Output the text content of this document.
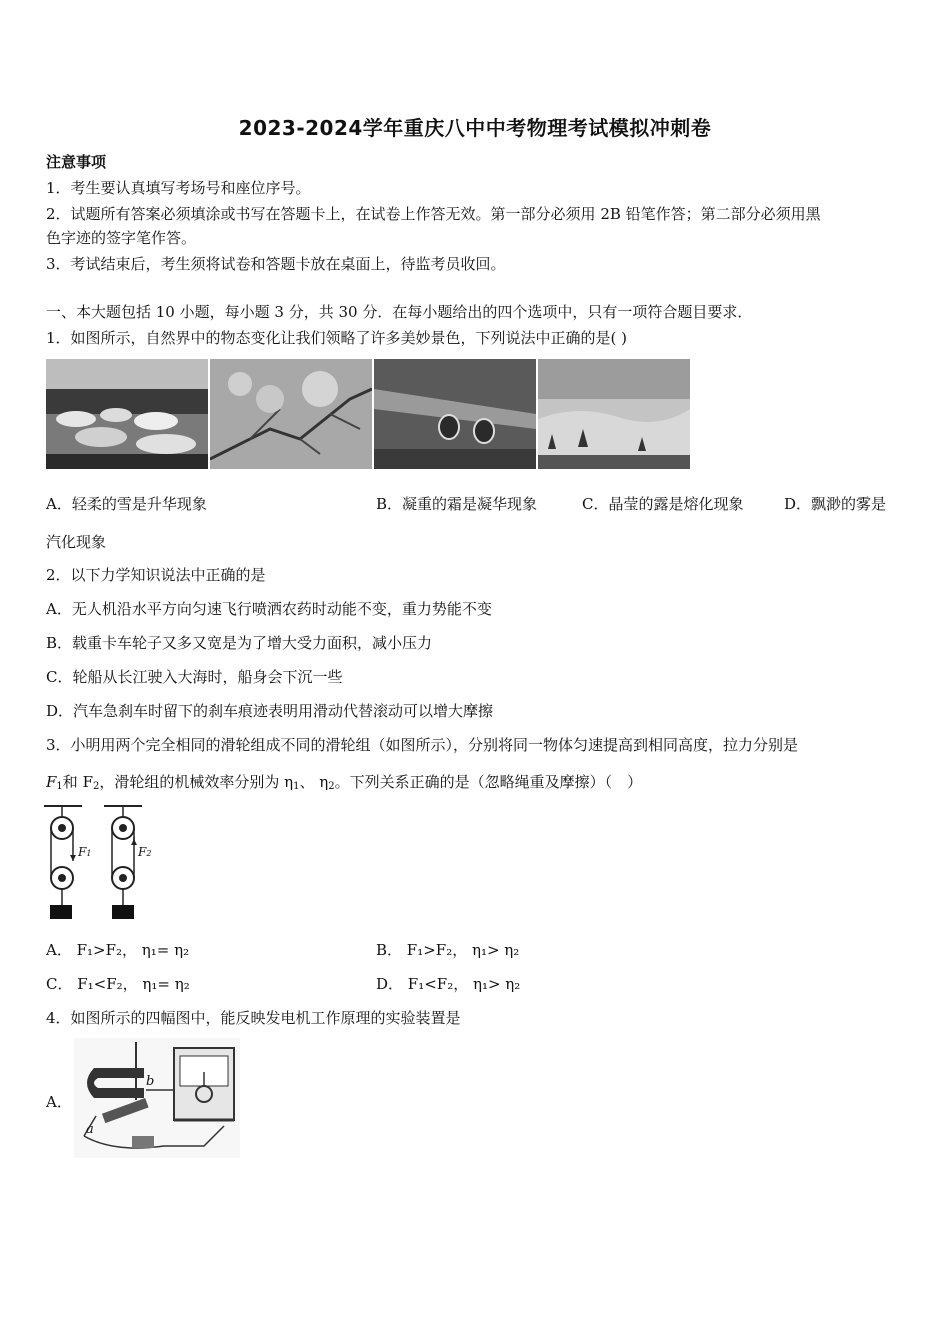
2023-2024学年重庆八中中考物理考试模拟冲刺卷
注意事项
1．考生要认真填写考场号和座位序号。
2．试题所有答案必须填涂或书写在答题卡上，在试卷上作答无效。第一部分必须用 2B 铅笔作答；第二部分必须用黑
色字迹的签字笔作答。
3．考试结束后，考生须将试卷和答题卡放在桌面上，待监考员收回。
一、本大题包括 10 小题，每小题 3 分，共 30 分．在每小题给出的四个选项中，只有一项符合题目要求．
1．如图所示，自然界中的物态变化让我们领略了许多美妙景色，下列说法中正确的是( )
A．轻柔的雪是升华现象	B．凝重的霜是凝华现象	C．晶莹的露是熔化现象	D．飘渺的雾是
汽化现象
2．以下力学知识说法中正确的是
A．无人机沿水平方向匀速飞行喷洒农药时动能不变，重力势能不变
B．载重卡车轮子又多又宽是为了增大受力面积，减小压力
C．轮船从长江驶入大海时，船身会下沉一些
D．汽车急刹车时留下的刹车痕迹表明用滑动代替滚动可以增大摩擦
3．小明用两个完全相同的滑轮组成不同的滑轮组（如图所示），分别将同一物体匀速提高到相同高度，拉力分别是
$F_1$和 $F_2$，滑轮组的机械效率分别为 $\eta_1$、 $\eta_2$。下列关系正确的是（忽略绳重及摩擦）（　）
F1	F2
A． F₁>F₂， η₁= η₂	B． F₁>F₂， η₁> η₂
C． F₁<F₂， η₁= η₂	D． F₁<F₂， η₁> η₂
4．如图所示的四幅图中，能反映发电机工作原理的实验装置是
A．
b
a
